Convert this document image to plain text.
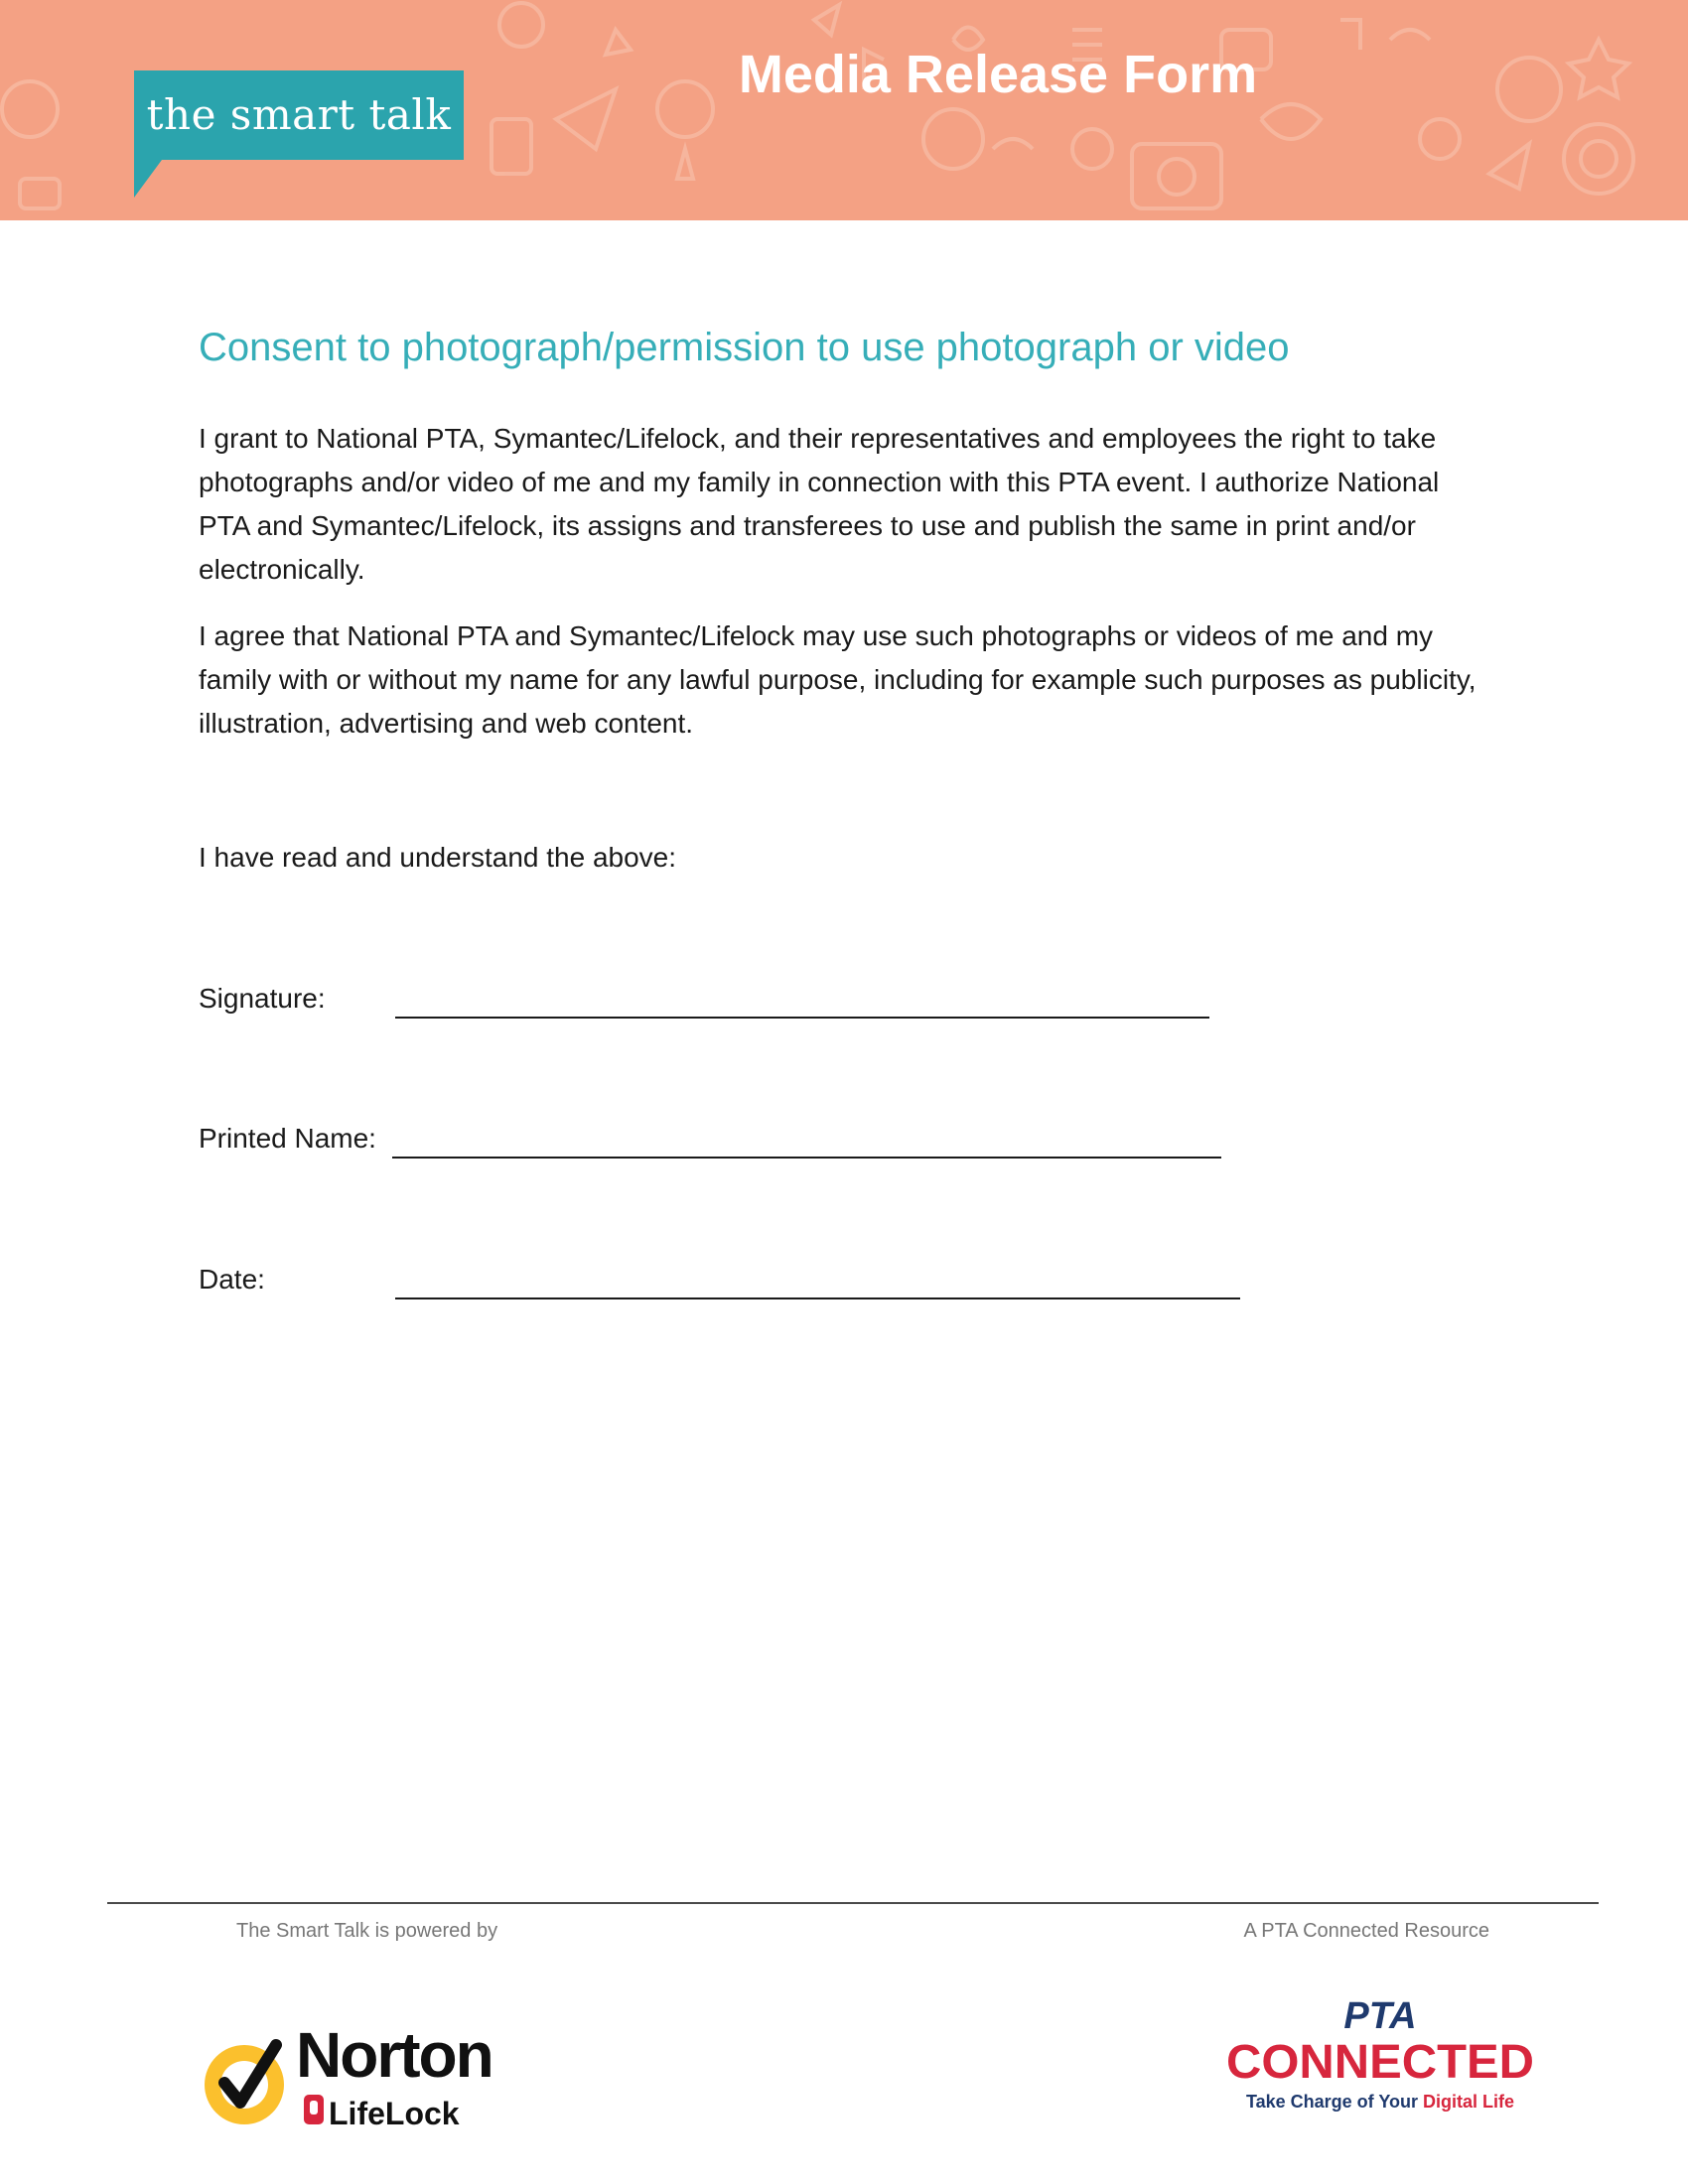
the smart talk
Media Release Form
Consent to photograph/permission to use photograph or video
I grant to National PTA, Symantec/Lifelock, and their representatives and employees the right to take photographs and/or video of me and my family in connection with this PTA event. I authorize National PTA and Symantec/Lifelock, its assigns and transferees to use and publish the same in print and/or electronically.
I agree that National PTA and Symantec/Lifelock may use such photographs or videos of me and my family with or without my name for any lawful purpose, including for example such purposes as publicity, illustration, advertising and web content.
I have read and understand the above:
Signature:
Printed Name:
Date:
The Smart Talk is powered by	A PTA Connected Resource
Norton
LifeLock
PTA
CONNECTED
Take Charge of Your Digital Life
